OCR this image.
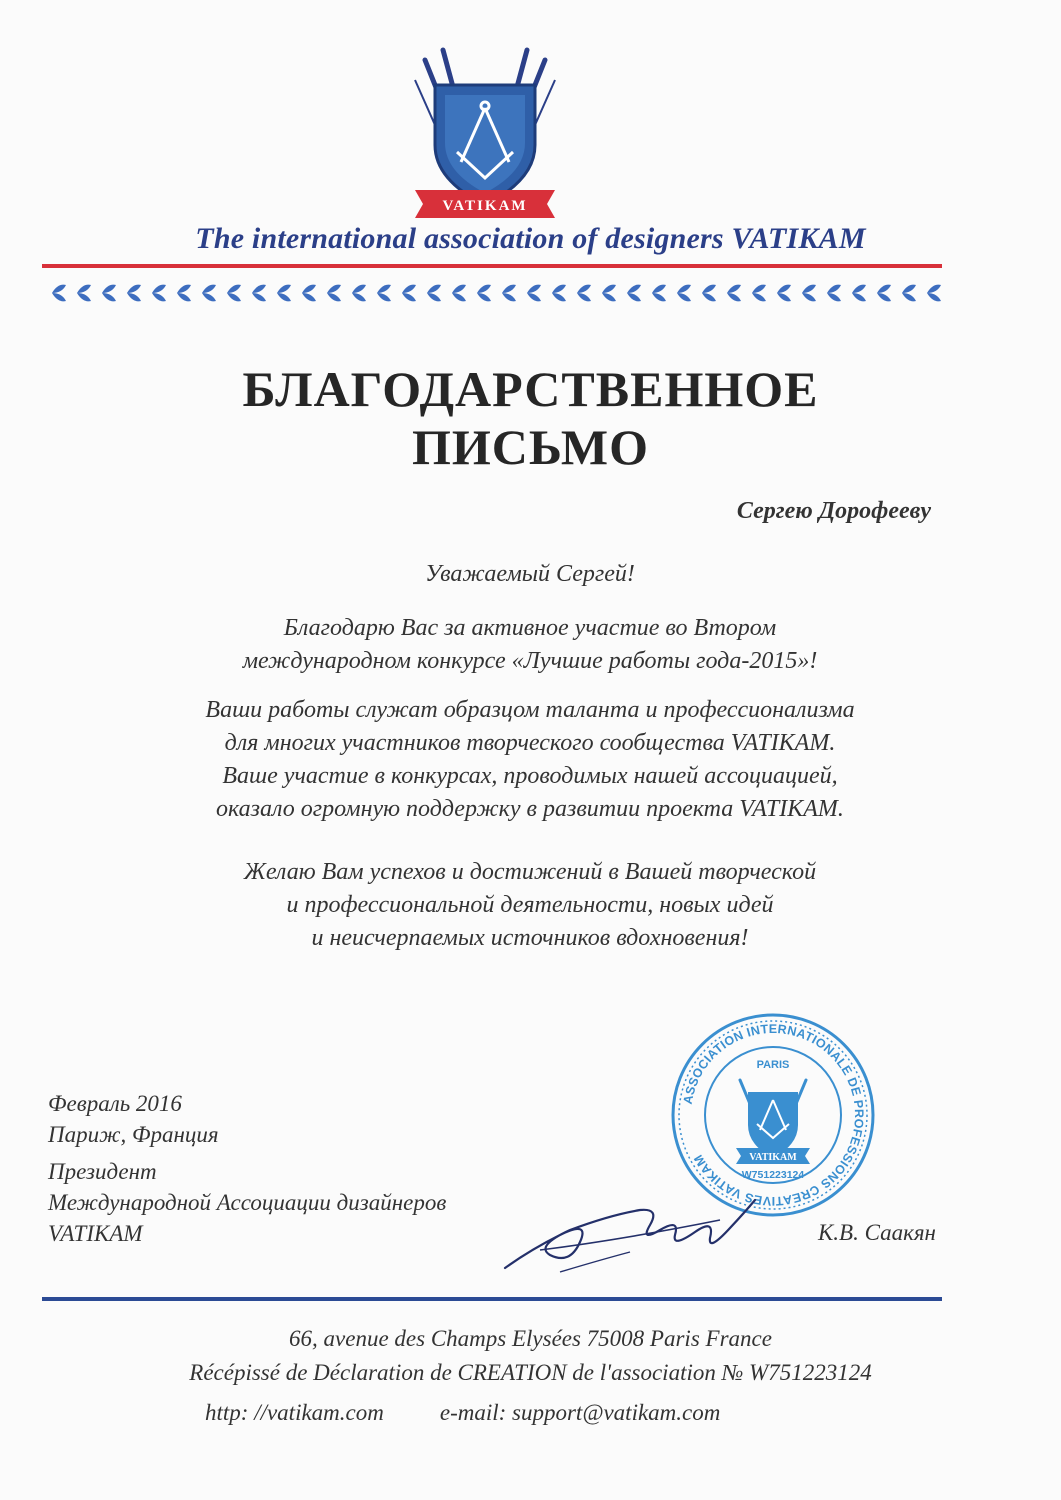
VATIKAM
The international association of designers VATIKAM
БЛАГОДАРСТВЕННОЕ
ПИСЬМО
Сергею Дорофееву
Уважаемый Сергей!
Благодарю Вас за активное участие во Втором
международном конкурсе «Лучшие работы года-2015»!
Ваши работы служат образцом таланта и профессионализма
для многих участников творческого сообщества VATIKAM.
Ваше участие в конкурсах, проводимых нашей ассоциацией,
оказало огромную поддержку в развитии проекта VATIKAM.
Желаю Вам успехов и достижений в Вашей творческой
и профессиональной деятельности, новых идей
и неисчерпаемых источников вдохновения!
ASSOCIATION INTERNATIONALE DE PROFESSIONS CREATIVES VATIKAM
PARIS
VATIKAM
W751223124
Февраль 2016
Париж, Франция
Президент
Международной Ассоциации дизайнеров
VATIKAM	К.В. Саакян
66, avenue des Champs Elysées 75008 Paris France
Récépissé de Déclaration de CREATION de l'association № W751223124
http: //vatikam.com e-mail: support@vatikam.com
